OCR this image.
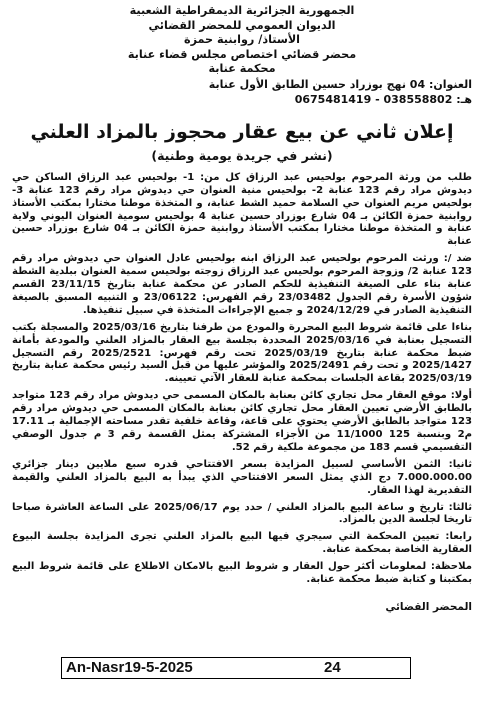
الجمهورية الجزائرية الديمقراطية الشعبية
الديوان العمومي للمحضر القضائي
الأستاذ/ روابنية حمزة
محضر قضائي اختصاص مجلس قضاء عنابة
محكمة عنابة
العنوان: 04 نهج بوزراد حسين الطابق الأول عنابة
هـ: 038558802 - 0675481419
إعلان ثاني عن بيع عقار محجوز بالمزاد العلني
(نشر في جريدة يومية وطنية)

طلب من ورثة المرحوم بولحيس عبد الرزاق كل من: 1- بولحيس عبد الرزاق الساكن حي ديدوش مراد رقم 123 عنابة 2- بولحيس منية العنوان حي ديدوش مراد رقم 123 عنابة 3- بولحيس مريم العنوان حي السلامة حميد الشط عنابة، و المتخذة موطنا مختارا بمكتب الأستاذ روابنية حمزة الكائن بـ 04 شارع بوزراد حسين عنابة 4 بولحيس سومية العنوان اليوني ولاية عنابة و المتخذة موطنا مختارا بمكتب الأستاذ روابنية حمزة الكائن بـ 04 شارع بوزراد حسين عنابة

ضد /: ورثت المرحوم بولحيس عبد الرزاق ابنه بولحيس عادل العنوان حي ديدوش مراد رقم 123 عنابة 2/ وزوجة المرحوم بولحيس عبد الرزاق زوجته بولحيس سمية العنوان ببلدية الشطة عنابة بناء على الصيغة التنفيذية للحكم الصادر عن محكمة عنابة بتاريخ 23/11/15 القسم شؤون الأسرة رقم الجدول 23/03482 رقم الفهرس: 23/06122 و التنبيه المسبق بالصيغة التنفيذية الصادر في 2024/12/29 و جميع الإجراءات المتخذة في سبيل تنفيذها.

بناءا على قائمة شروط البيع المحررة والمودع من طرفنا بتاريخ 2025/03/16 والمسجلة بكتب التسجيل بعنابة في 2025/03/16 المحددة بجلسة بيع العقار بالمزاد العلني والمودعة بأمانة ضبط محكمة عنابة بتاريخ 2025/03/19 تحت رقم فهرس: 2025/2521 رقم التسجيل 2025/1427 و تحت رقم 2025/2491 والمؤشر عليها من قبل السيد رئيس محكمة عنابة بتاريخ 2025/03/19 بقاعة الجلسات بمحكمة عنابة للعقار الآتي تعيينه.

أولا: موقع العقار محل تجاري كائن بعنابة بالمكان المسمى حي ديدوش مراد رقم 123 متواجد بالطابق الأرضي تعيين العقار محل تجاري كائن بعنابة بالمكان المسمى حي ديدوش مراد رقم 123 متواجد بالطابق الأرضي يحتوي على قاعة، وقاعة خلفية تقدر مساحته الإجمالية بـ 17.11 م2 وبنسبة 125 11/1000 من الأجزاء المشتركة يمثل القسمة رقم 3 م جدول الوصفي التقسيمي قسم 183 من مجموعة ملكية رقم 52.

ثانيا: الثمن الأساسي لسبيل المزايدة بسعر الافتتاحي قدره سبع ملايين دينار جزائري 7.000.000.00 دج الذي يمثل السعر الافتتاحي الذي يبدأ به البيع بالمزاد العلني والقيمة التقديرية لهذا العقار.

ثالثا: تاريخ و ساعة البيع بالمزاد العلني / حدد يوم 2025/06/17 على الساعة العاشرة صباحا تاريخا لجلسة الدين بالمزاد.

رابعا: تعيين المحكمة التي سيجري فيها البيع بالمزاد العلني تجرى المزايدة بجلسة البيوع العقارية الخاصة بمحكمة عنابة.

ملاحظة: لمعلومات أكثر حول العقار و شروط البيع بالامكان الاطلاع على قائمة شروط البيع بمكتبنا و كتابة ضبط محكمة عنابة.

المحضر القضائي
An-Nasr19-5-2025	24
